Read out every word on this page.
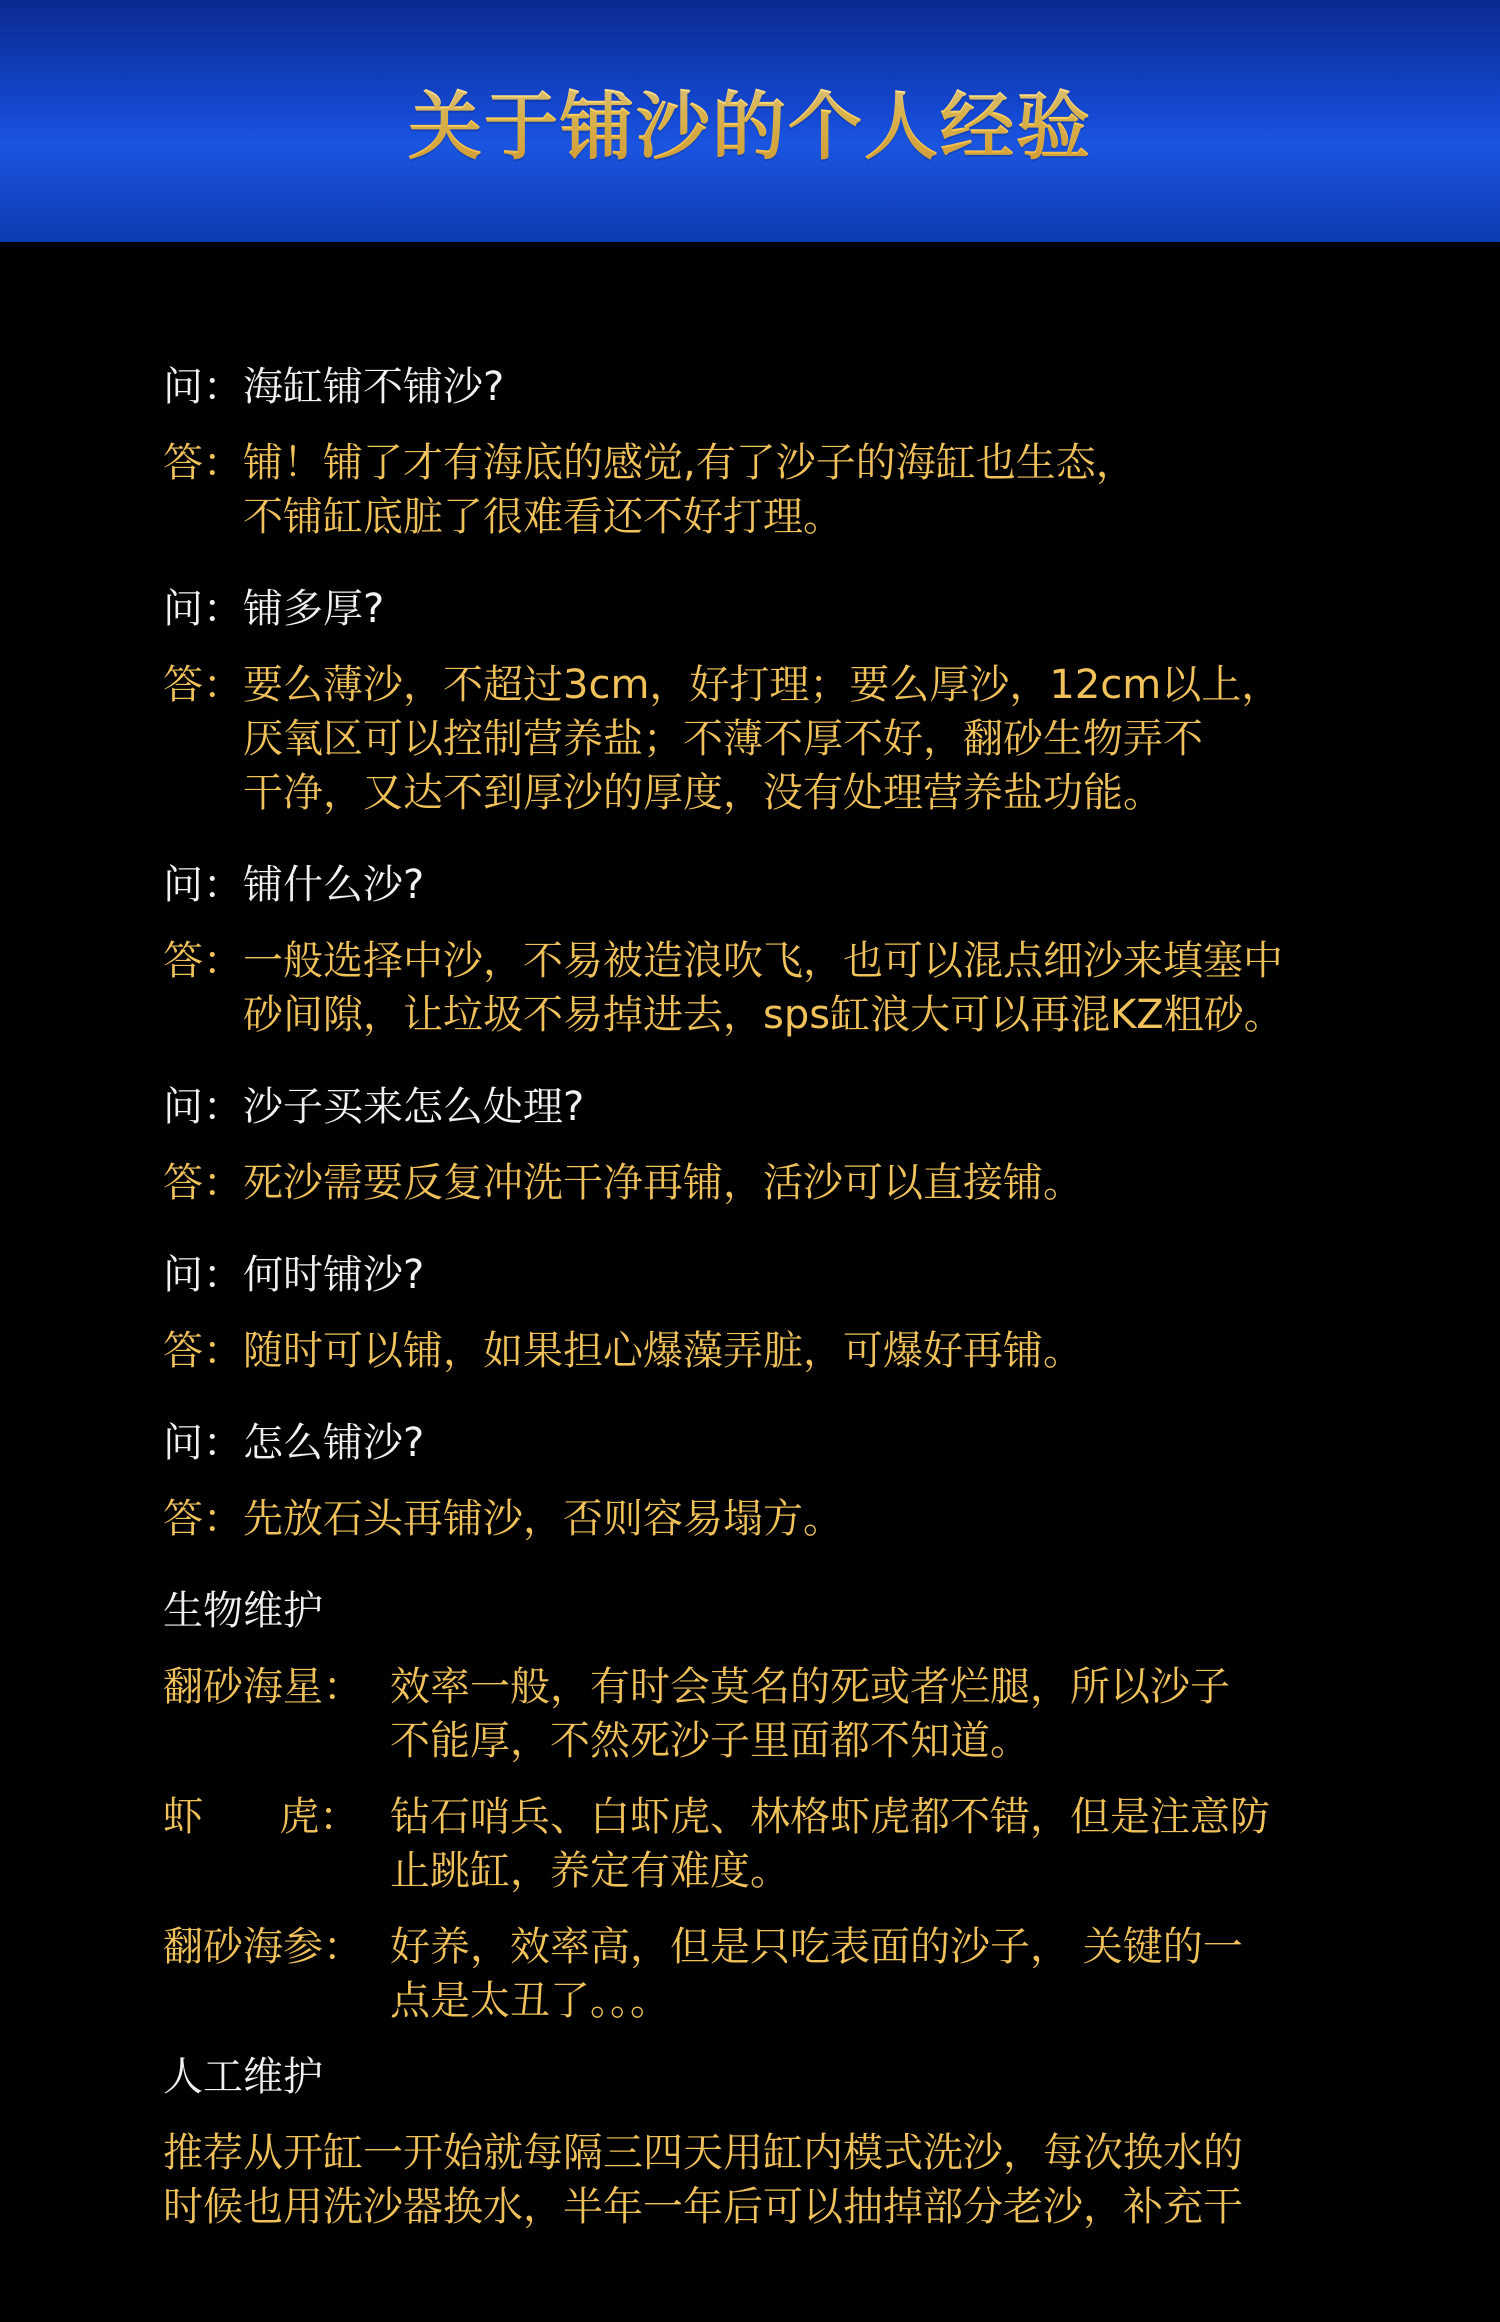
关于铺沙的个人经验
问： 海缸铺不铺沙?
答： 铺！铺了才有海底的感觉,有了沙子的海缸也生态，
不铺缸底脏了很难看还不好打理。
问： 铺多厚?
答： 要么薄沙，不超过3cm，好打理；要么厚沙，12cm以上，
厌氧区可以控制营养盐；不薄不厚不好，翻砂生物弄不
干净，又达不到厚沙的厚度，没有处理营养盐功能。
问： 铺什么沙?
答： 一般选择中沙，不易被造浪吹飞，也可以混点细沙来填塞中
砂间隙，让垃圾不易掉进去，sps缸浪大可以再混KZ粗砂。
问： 沙子买来怎么处理?
答： 死沙需要反复冲洗干净再铺，活沙可以直接铺。
问： 何时铺沙?
答： 随时可以铺，如果担心爆藻弄脏，可爆好再铺。
问： 怎么铺沙?
答： 先放石头再铺沙，否则容易塌方。
生物维护
翻砂海星： 效率一般，有时会莫名的死或者烂腿，所以沙子
不能厚，不然死沙子里面都不知道。
虾      虎： 钻石哨兵、白虾虎、林格虾虎都不错，但是注意防
止跳缸，养定有难度。
翻砂海参： 好养，效率高，但是只吃表面的沙子， 关键的一
点是太丑了。。。
人工维护
推荐从开缸一开始就每隔三四天用缸内模式洗沙，每次换水的
时候也用洗沙器换水，半年一年后可以抽掉部分老沙，补充干
